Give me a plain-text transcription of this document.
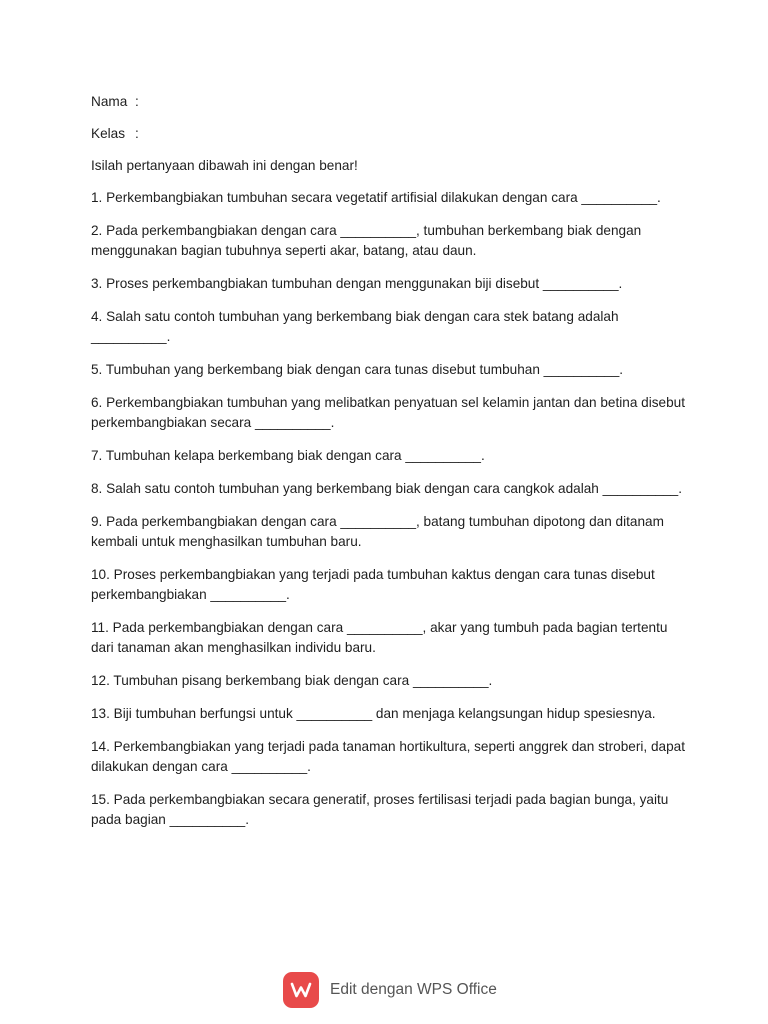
Nama :
Kelas :
Isilah pertanyaan dibawah ini dengan benar!
1. Perkembangbiakan tumbuhan secara vegetatif artifisial dilakukan dengan cara __________.
2. Pada perkembangbiakan dengan cara __________, tumbuhan berkembang biak dengan menggunakan bagian tubuhnya seperti akar, batang, atau daun.
3. Proses perkembangbiakan tumbuhan dengan menggunakan biji disebut __________.
4. Salah satu contoh tumbuhan yang berkembang biak dengan cara stek batang adalah __________.
5. Tumbuhan yang berkembang biak dengan cara tunas disebut tumbuhan __________.
6. Perkembangbiakan tumbuhan yang melibatkan penyatuan sel kelamin jantan dan betina disebut perkembangbiakan secara __________.
7. Tumbuhan kelapa berkembang biak dengan cara __________.
8. Salah satu contoh tumbuhan yang berkembang biak dengan cara cangkok adalah __________.
9. Pada perkembangbiakan dengan cara __________, batang tumbuhan dipotong dan ditanam kembali untuk menghasilkan tumbuhan baru.
10. Proses perkembangbiakan yang terjadi pada tumbuhan kaktus dengan cara tunas disebut perkembangbiakan __________.
11. Pada perkembangbiakan dengan cara __________, akar yang tumbuh pada bagian tertentu dari tanaman akan menghasilkan individu baru.
12. Tumbuhan pisang berkembang biak dengan cara __________.
13. Biji tumbuhan berfungsi untuk __________ dan menjaga kelangsungan hidup spesiesnya.
14. Perkembangbiakan yang terjadi pada tanaman hortikultura, seperti anggrek dan stroberi, dapat dilakukan dengan cara __________.
15. Pada perkembangbiakan secara generatif, proses fertilisasi terjadi pada bagian bunga, yaitu pada bagian __________.
Edit dengan WPS Office
